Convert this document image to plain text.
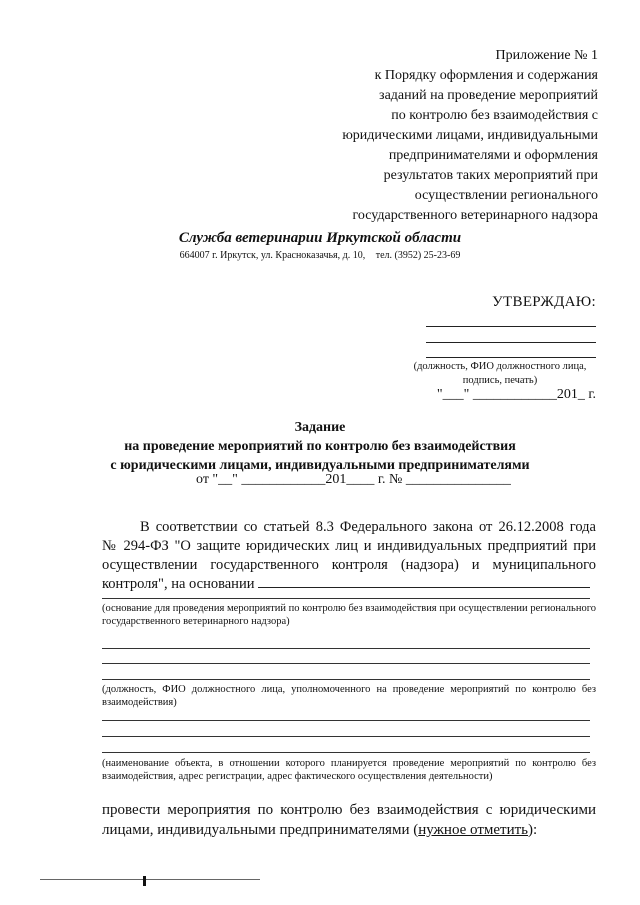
Приложение № 1
к Порядку оформления и содержания
заданий на проведение мероприятий
по контролю без взаимодействия с
юридическими лицами, индивидуальными
предпринимателями и оформления
результатов таких мероприятий при
осуществлении регионального
государственного ветеринарного надзора
Служба ветеринарии Иркутской области
664007 г. Иркутск, ул. Красноказачья, д. 10, тел. (3952) 25-23-69
УТВЕРЖДАЮ:
(должность, ФИО должностного лица,
подпись, печать)
"___" ____________201_ г.
Задание
на проведение мероприятий по контролю без взаимодействия
с юридическими лицами, индивидуальными предпринимателями
от "__" ____________201____ г. № _______________
В соответствии со статьей 8.3 Федерального закона от 26.12.2008 года
№ 294-ФЗ "О защите юридических лиц и индивидуальных предприятий при
осуществлении государственного контроля (надзора) и муниципального
контроля", на основании
(основание для проведения мероприятий по контролю без взаимодействия при осуществлении регионального государственного ветеринарного надзора)
(должность, ФИО должностного лица, уполномоченного на проведение мероприятий по контролю без взаимодействия)
(наименование объекта, в отношении которого планируется проведение мероприятий по контролю без взаимодействия, адрес регистрации, адрес фактического осуществления деятельности)
провести мероприятия по контролю без взаимодействия с юридическими
лицами, индивидуальными предпринимателями (нужное отметить):
